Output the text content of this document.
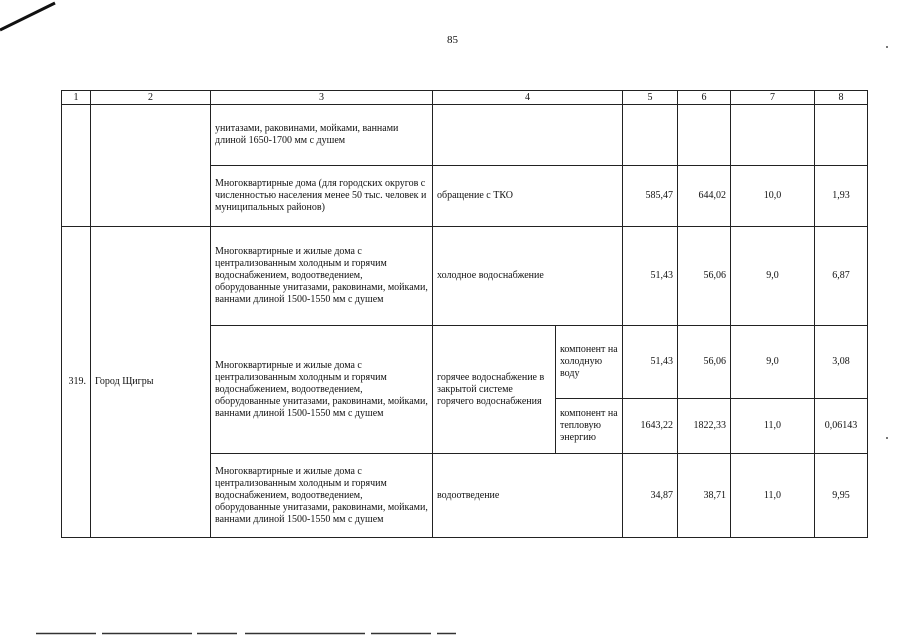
85
1	2	3	4		5	6	7	8
		унитазами, раковинами, мойками, ваннами длиной 1650-1700 мм с душем						
		Многоквартирные дома (для городских округов с численностью населения менее 50 тыс. человек и муниципальных районов)	обращение с ТКО		585,47	644,02	10,0	1,93
319.	Город Щигры	Многоквартирные и жилые дома с централизованным холодным и горячим водоснабжением, водоотведением, оборудованные унитазами, раковинами, мойками, ваннами длиной 1500-1550 мм с душем	холодное водоснабжение		51,43	56,06	9,0	6,87
		Многоквартирные и жилые дома с централизованным холодным и горячим водоснабжением, водоотведением, оборудованные унитазами, раковинами, мойками, ваннами длиной 1500-1550 мм с душем	горячее водоснабжение в закрытой системе горячего водоснабжения	компонент на холодную воду	51,43	56,06	9,0	3,08
				компонент на тепловую энергию	1643,22	1822,33	11,0	0,06143
		Многоквартирные и жилые дома с централизованным холодным и горячим водоснабжением, водоотведением, оборудованные унитазами, раковинами, мойками, ваннами длиной 1500-1550 мм с душем	водоотведение		34,87	38,71	11,0	9,95
